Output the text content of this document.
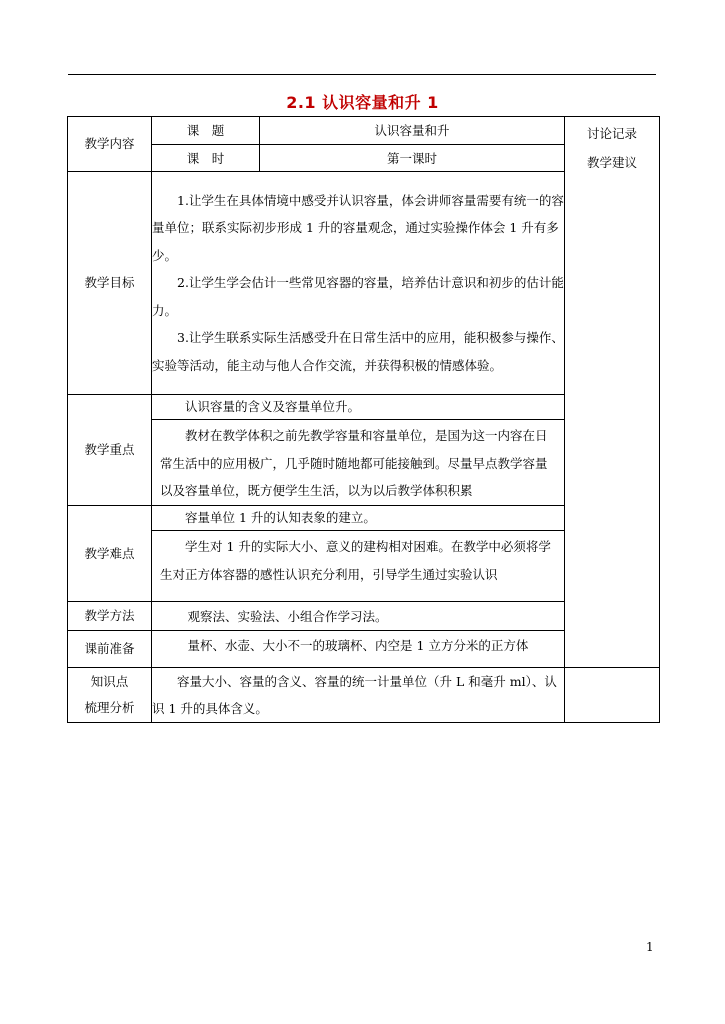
2.1 认识容量和升 1
教学内容	课　题	认识容量和升	讨论记录
教学建议

	课　时	第一课时	
教学目标	1.让学生在具体情境中感受并认识容量，体会讲师容量需要有统一的容量单位；联系实际初步形成 1 升的容量观念，通过实验操作体会 1 升有多少。

2.让学生学会估计一些常见容器的容量，培养估计意识和初步的估计能力。

3.让学生联系实际生活感受升在日常生活中的应用，能积极参与操作、实验等活动，能主动与他人合作交流，并获得积极的情感体验。		

教学重点	认识容量的含义及容量单位升。

教材在教学体积之前先教学容量和容量单位，是国为这一内容在日常生活中的应用极广，几乎随时随地都可能接触到。尽量早点教学容量以及容量单位，既方便学生生活，以为以后教学体积积累		

教学难点	容量单位 1 升的认知表象的建立。

学生对 1 升的实际大小、意义的建构相对困难。在教学中必须将学生对正方体容器的感性认识充分利用，引导学生通过实验认识		

教学方法	观察法、实验法、小组合作学习法。		
课前准备	量杯、水壶、大小不一的玻璃杯、内空是 1 立方分米的正方体		

知识点
梳理分析	容量大小、容量的含义、容量的统一计量单位（升 L 和毫升 ml）、认识 1 升的具体含义。		

1
